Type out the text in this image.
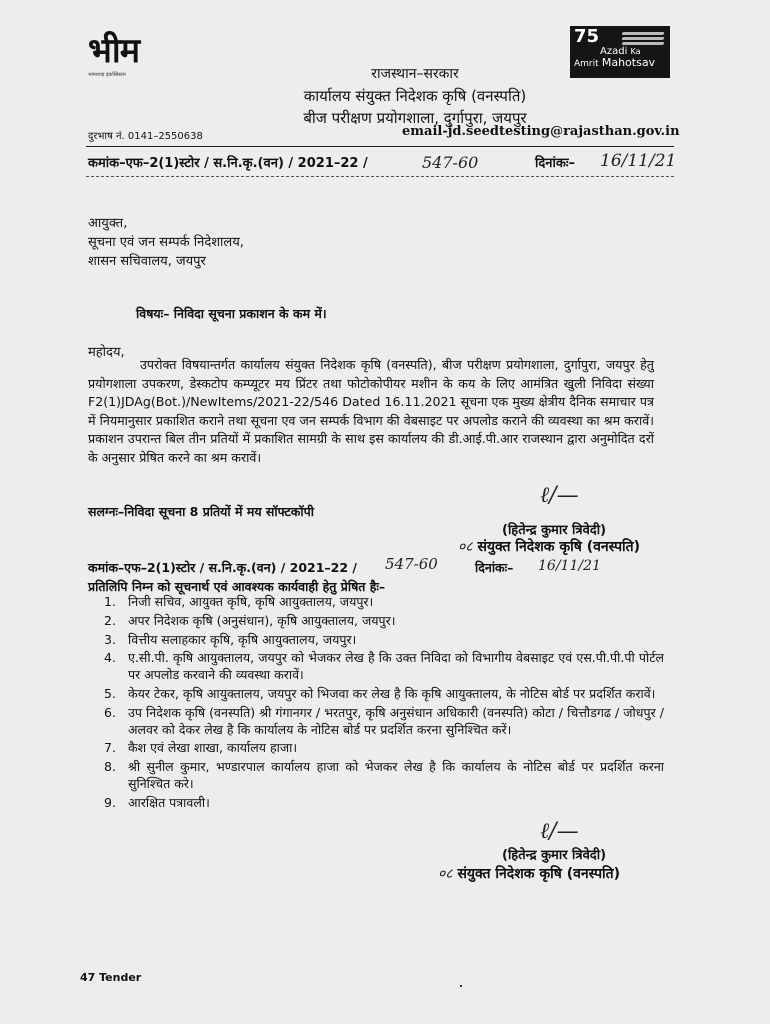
भीम
भामाशाह इकोसिस्टम
75
Azadi Ka
Amrit Mahotsav
राजस्थान–सरकार
कार्यालय संयुक्त निदेशक कृषि (वनस्पति)
बीज परीक्षण प्रयोगशाला, दुर्गापुरा, जयपुर
दुरभाष नं. 0141–2550638	email-jd.seedtesting@rajasthan.gov.in
कमांक–एफ–2(1)स्टोर / स.नि.कृ.(वन) / 2021–22 /	547-60	दिनांकः– 16/11/21
आयुक्त,
सूचना एवं जन सम्पर्क निदेशालय,
शासन सचिवालय, जयपुर
विषयः– निविदा सूचना प्रकाशन के कम में।
महोदय,
उपरोक्त विषयान्तर्गत कार्यालय संयुक्त निदेशक कृषि (वनस्पति), बीज परीक्षण प्रयोगशाला, दुर्गापुरा, जयपुर हेतु प्रयोगशाला उपकरण, डेस्कटोप कम्प्यूटर मय प्रिंटर तथा फोटोकोपीयर मशीन के कय के लिए आमंत्रित खुली निविदा संख्या F2(1)JDAg(Bot.)/NewItems/2021-22/546 Dated 16.11.2021 सूचना एक मुख्य क्षेत्रीय दैनिक समाचार पत्र में नियमानुसार प्रकाशित कराने तथा सूचना एव जन सम्पर्क विभाग की वेबसाइट पर अपलोड कराने की व्यवस्था का श्रम करावें। प्रकाशन उपरान्त बिल तीन प्रतियों में प्रकाशित सामग्री के साथ इस कार्यालय की डी.आई.पी.आर राजस्थान द्वारा अनुमोदित दरों के अनुसार प्रेषित करने का श्रम करावें।
सलग्नः–निविदा सूचना 8 प्रतियों में मय सॉफ्टकॉपी
ℓ/—
(हितेन्द्र कुमार त्रिवेदी)
०८ संयुक्त निदेशक कृषि (वनस्पति)
कमांक–एफ–2(1)स्टोर / स.नि.कृ.(वन) / 2021–22 / 547-60	दिनांकः– 16/11/21
प्रतिलिपि निम्न को सूचनार्थ एवं आवश्यक कार्यवाही हेतु प्रेषित हैः–
1. निजी सचिव, आयुक्त कृषि, कृषि आयुक्तालय, जयपुर।
2. अपर निदेशक कृषि (अनुसंधान), कृषि आयुक्तालय, जयपुर।
3. वित्तीय सलाहकार कृषि, कृषि आयुक्तालय, जयपुर।
4. ए.सी.पी. कृषि आयुक्तालय, जयपुर को भेजकर लेख है कि उक्त निविदा को विभागीय वेबसाइट एवं एस.पी.पी.पी पोर्टल पर अपलोड करवाने की व्यवस्था करावें।
5. केयर टेकर, कृषि आयुक्तालय, जयपुर को भिजवा कर लेख है कि कृषि आयुक्तालय, के नोटिस बोर्ड पर प्रदर्शित करावें।
6. उप निदेशक कृषि (वनस्पति) श्री गंगानगर / भरतपुर, कृषि अनुसंधान अधिकारी (वनस्पति) कोटा / चित्तौडगढ / जोधपुर / अलवर को देकर लेख है कि कार्यालय के नोटिस बोर्ड पर प्रदर्शित करना सुनिश्चित करें।
7. कैश एवं लेखा शाखा, कार्यालय हाजा।
8. श्री सुनील कुमार, भण्डारपाल कार्यालय हाजा को भेजकर लेख है कि कार्यालय के नोटिस बोर्ड पर प्रदर्शित करना सुनिश्चित करे।
9. आरक्षित पत्रावली।
ℓ/—
(हितेन्द्र कुमार त्रिवेदी)
०८ संयुक्त निदेशक कृषि (वनस्पति)
47 Tender
